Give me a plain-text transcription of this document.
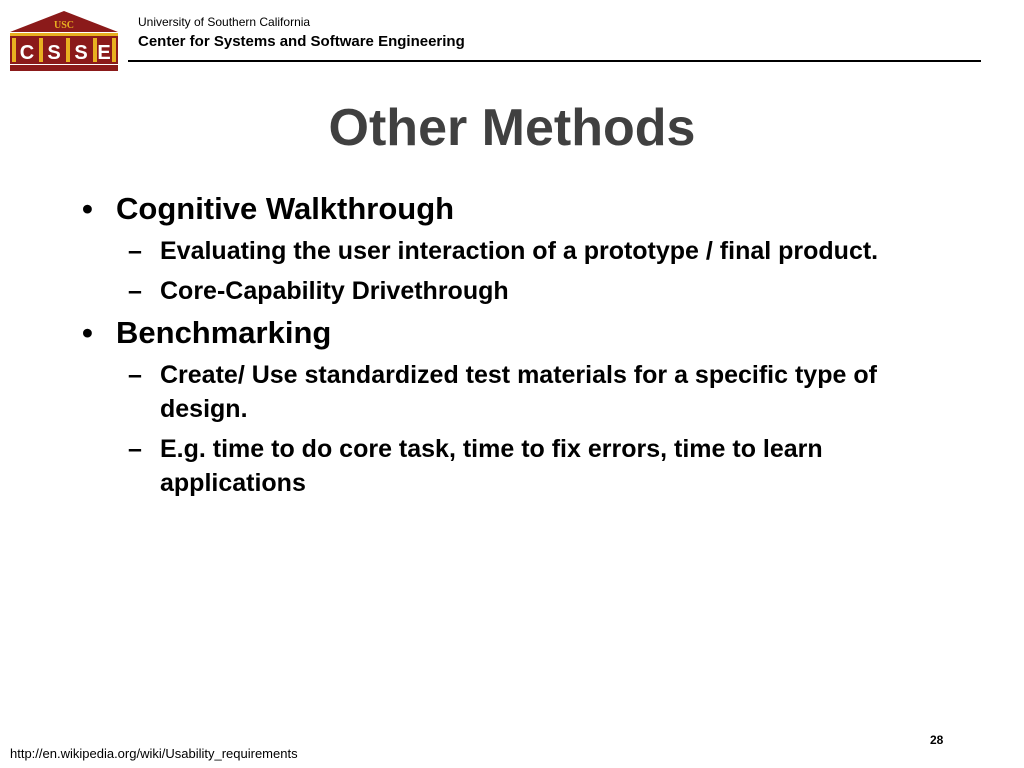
USC
C S S E
University of Southern California
Center for Systems and Software Engineering
Other Methods
• Cognitive Walkthrough
– Evaluating the user interaction of a prototype / final product.
– Core-Capability Drivethrough
• Benchmarking
– Create/ Use standardized test materials for a specific type of design.
– E.g. time to do core task, time to fix errors, time to learn applications
http://en.wikipedia.org/wiki/Usability_requirements
28
